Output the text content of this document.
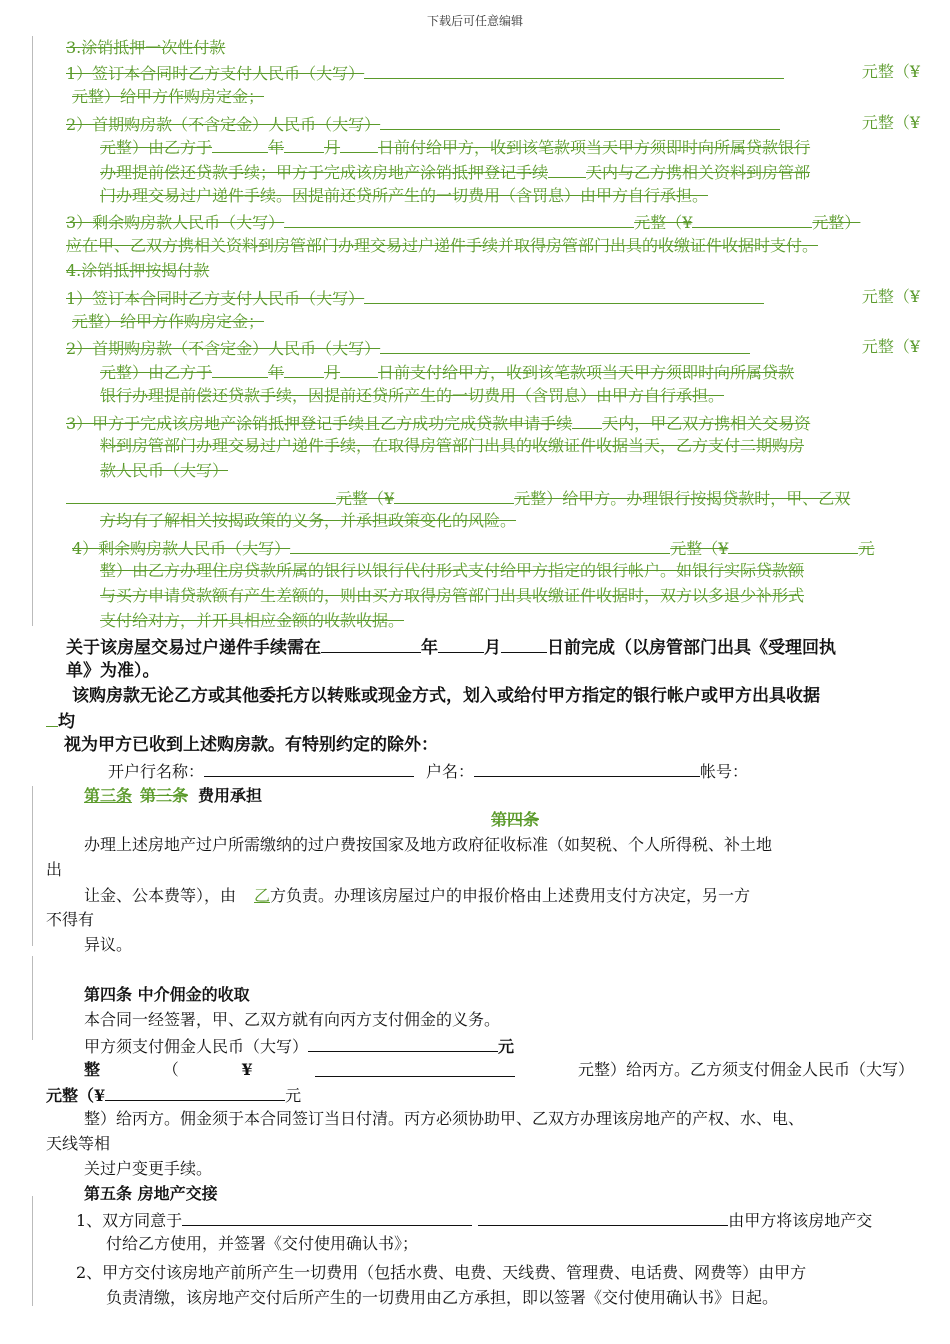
下载后可任意编辑
3.涂销抵押一次性付款
1）签订本合同时乙方支付人民币（大写）	元整（¥
元整）给甲方作购房定金；
2）首期购房款（不含定金）人民币（大写）	元整（¥
元整）由乙方于	年	月 日前付给甲方，收到该笔款项当天甲方须即时向所属贷款银行
办理提前偿还贷款手续；甲方于完成该房地产涂销抵押登记手续 天内与乙方携相关资料到房管部
门办理交易过户递件手续。因提前还贷所产生的一切费用（含罚息）由甲方自行承担。
3）剩余购房款人民币（大写）	元整（¥	元整）
应在甲、乙双方携相关资料到房管部门办理交易过户递件手续并取得房管部门出具的收缴证件收据时支付。
4.涂销抵押按揭付款
1）签订本合同时乙方支付人民币（大写）	元整（¥
元整）给甲方作购房定金；
2）首期购房款（不含定金）人民币（大写）	元整（¥
元整）由乙方于	年	月 日前支付给甲方，收到该笔款项当天甲方须即时向所属贷款
银行办理提前偿还贷款手续，因提前还贷所产生的一切费用（含罚息）由甲方自行承担。
3）甲方于完成该房地产涂销抵押登记手续且乙方成功完成贷款申请手续 天内，甲乙双方携相关交易资
料到房管部门办理交易过户递件手续，在取得房管部门出具的收缴证件收据当天，乙方支付二期购房
款人民币（大写）
元整（¥	元整）给甲方。办理银行按揭贷款时，甲、乙双
方均有了解相关按揭政策的义务，并承担政策变化的风险。
4）剩余购房款人民币（大写）	元整（¥	元
整）由乙方办理住房贷款所属的银行以银行代付形式支付给甲方指定的银行帐户。如银行实际贷款额
与买方申请贷款额有产生差额的，则由买方取得房管部门出具收缴证件收据时，双方以多退少补形式
支付给对方，并开具相应金额的收款收据。
关于该房屋交易过户递件手续需在	年	月	日前完成（以房管部门出具《受理回执
单》为准）。
该购房款无论乙方或其他委托方以转账或现金方式，划入或给付甲方指定的银行帐户或甲方出具收据
均
视为甲方已收到上述购房款。有特别约定的除外：
开户行名称：	户名：	帐号：
第三条 第三条 费用承担
第四条
办理上述房地产过户所需缴纳的过户费按国家及地方政府征收标准（如契税、个人所得税、补土地
出
让金、公本费等），由 乙方负责。办理该房屋过户的申报价格由上述费用支付方决定，另一方
不得有
异议。
第四条 中介佣金的收取
本合同一经签署，甲、乙双方就有向丙方支付佣金的义务。
甲方须支付佣金人民币（大写）	元
整	（	¥	元整）给丙方。乙方须支付佣金人民币（大写）
元整（¥	元
整）给丙方。佣金须于本合同签订当日付清。丙方必须协助甲、乙双方办理该房地产的产权、水、电、
天线等相
关过户变更手续。
第五条 房地产交接
1、双方同意于	由甲方将该房地产交
付给乙方使用，并签署《交付使用确认书》；
2、甲方交付该房地产前所产生一切费用（包括水费、电费、天线费、管理费、电话费、网费等）由甲方
负责清缴，该房地产交付后所产生的一切费用由乙方承担，即以签署《交付使用确认书》日起。
